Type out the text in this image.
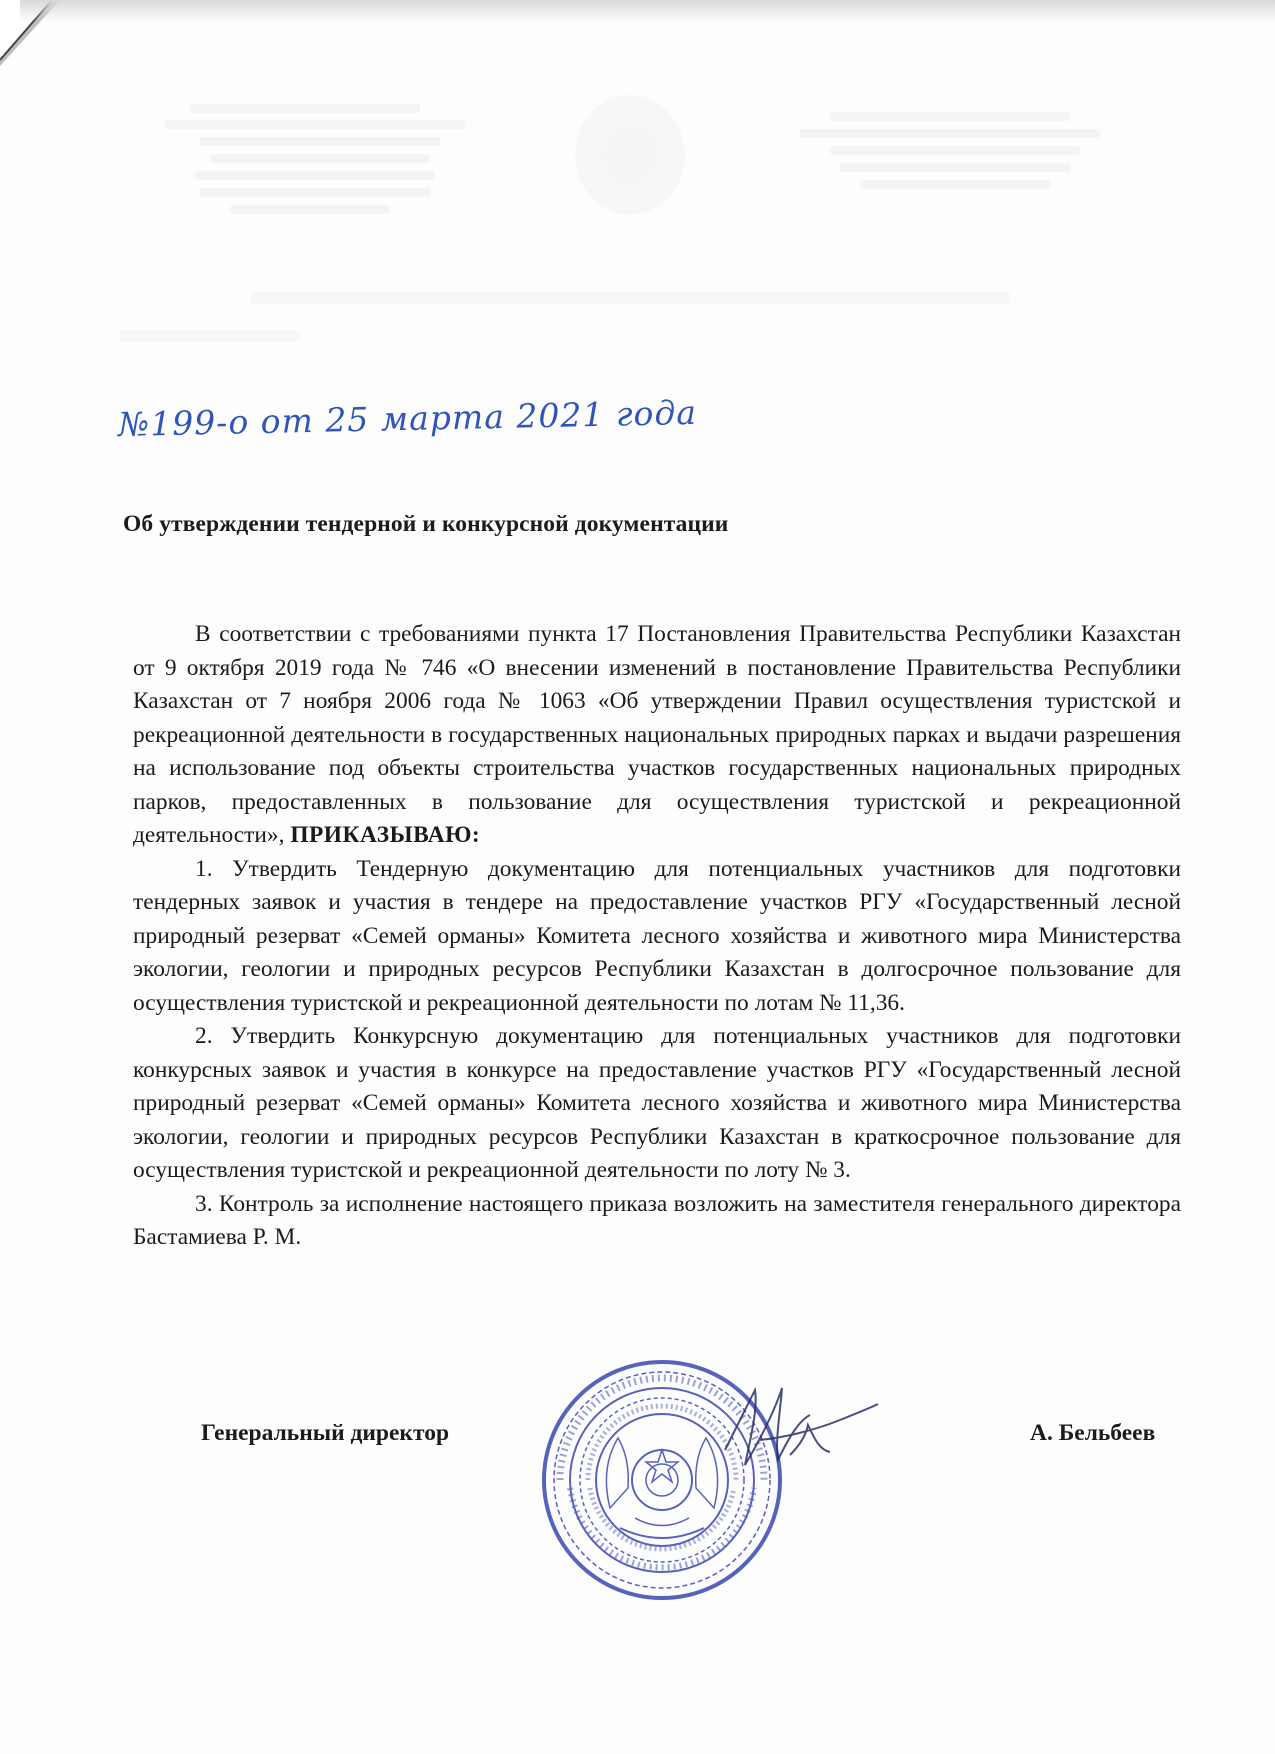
№199-о от 25 марта 2021 года
Об утверждении тендерной и конкурсной документации

В соответствии с требованиями пункта 17 Постановления Правительства Республики Казахстан от 9 октября 2019 года № 746 «О внесении изменений в постановление Правительства Республики Казахстан от 7 ноября 2006 года № 1063 «Об утверждении Правил осуществления туристской и рекреационной деятельности в государственных национальных природных парках и выдачи разрешения на использование под объекты строительства участков государственных национальных природных парков, предоставленных в пользование для осуществления туристской и рекреационной деятельности», ПРИКАЗЫВАЮ:

1. Утвердить Тендерную документацию для потенциальных участников для подготовки тендерных заявок и участия в тендере на предоставление участков РГУ «Государственный лесной природный резерват «Семей орманы» Комитета лесного хозяйства и животного мира Министерства экологии, геологии и природных ресурсов Республики Казахстан в долгосрочное пользование для осуществления туристской и рекреационной деятельности по лотам № 11,36.

2. Утвердить Конкурсную документацию для потенциальных участников для подготовки конкурсных заявок и участия в конкурсе на предоставление участков РГУ «Государственный лесной природный резерват «Семей орманы» Комитета лесного хозяйства и животного мира Министерства экологии, геологии и природных ресурсов Республики Казахстан в краткосрочное пользование для осуществления туристской и рекреационной деятельности по лоту № 3.

3. Контроль за исполнение настоящего приказа возложить на заместителя генерального директора Бастамиева Р. М.

Генеральный директор	А. Бельбеев
